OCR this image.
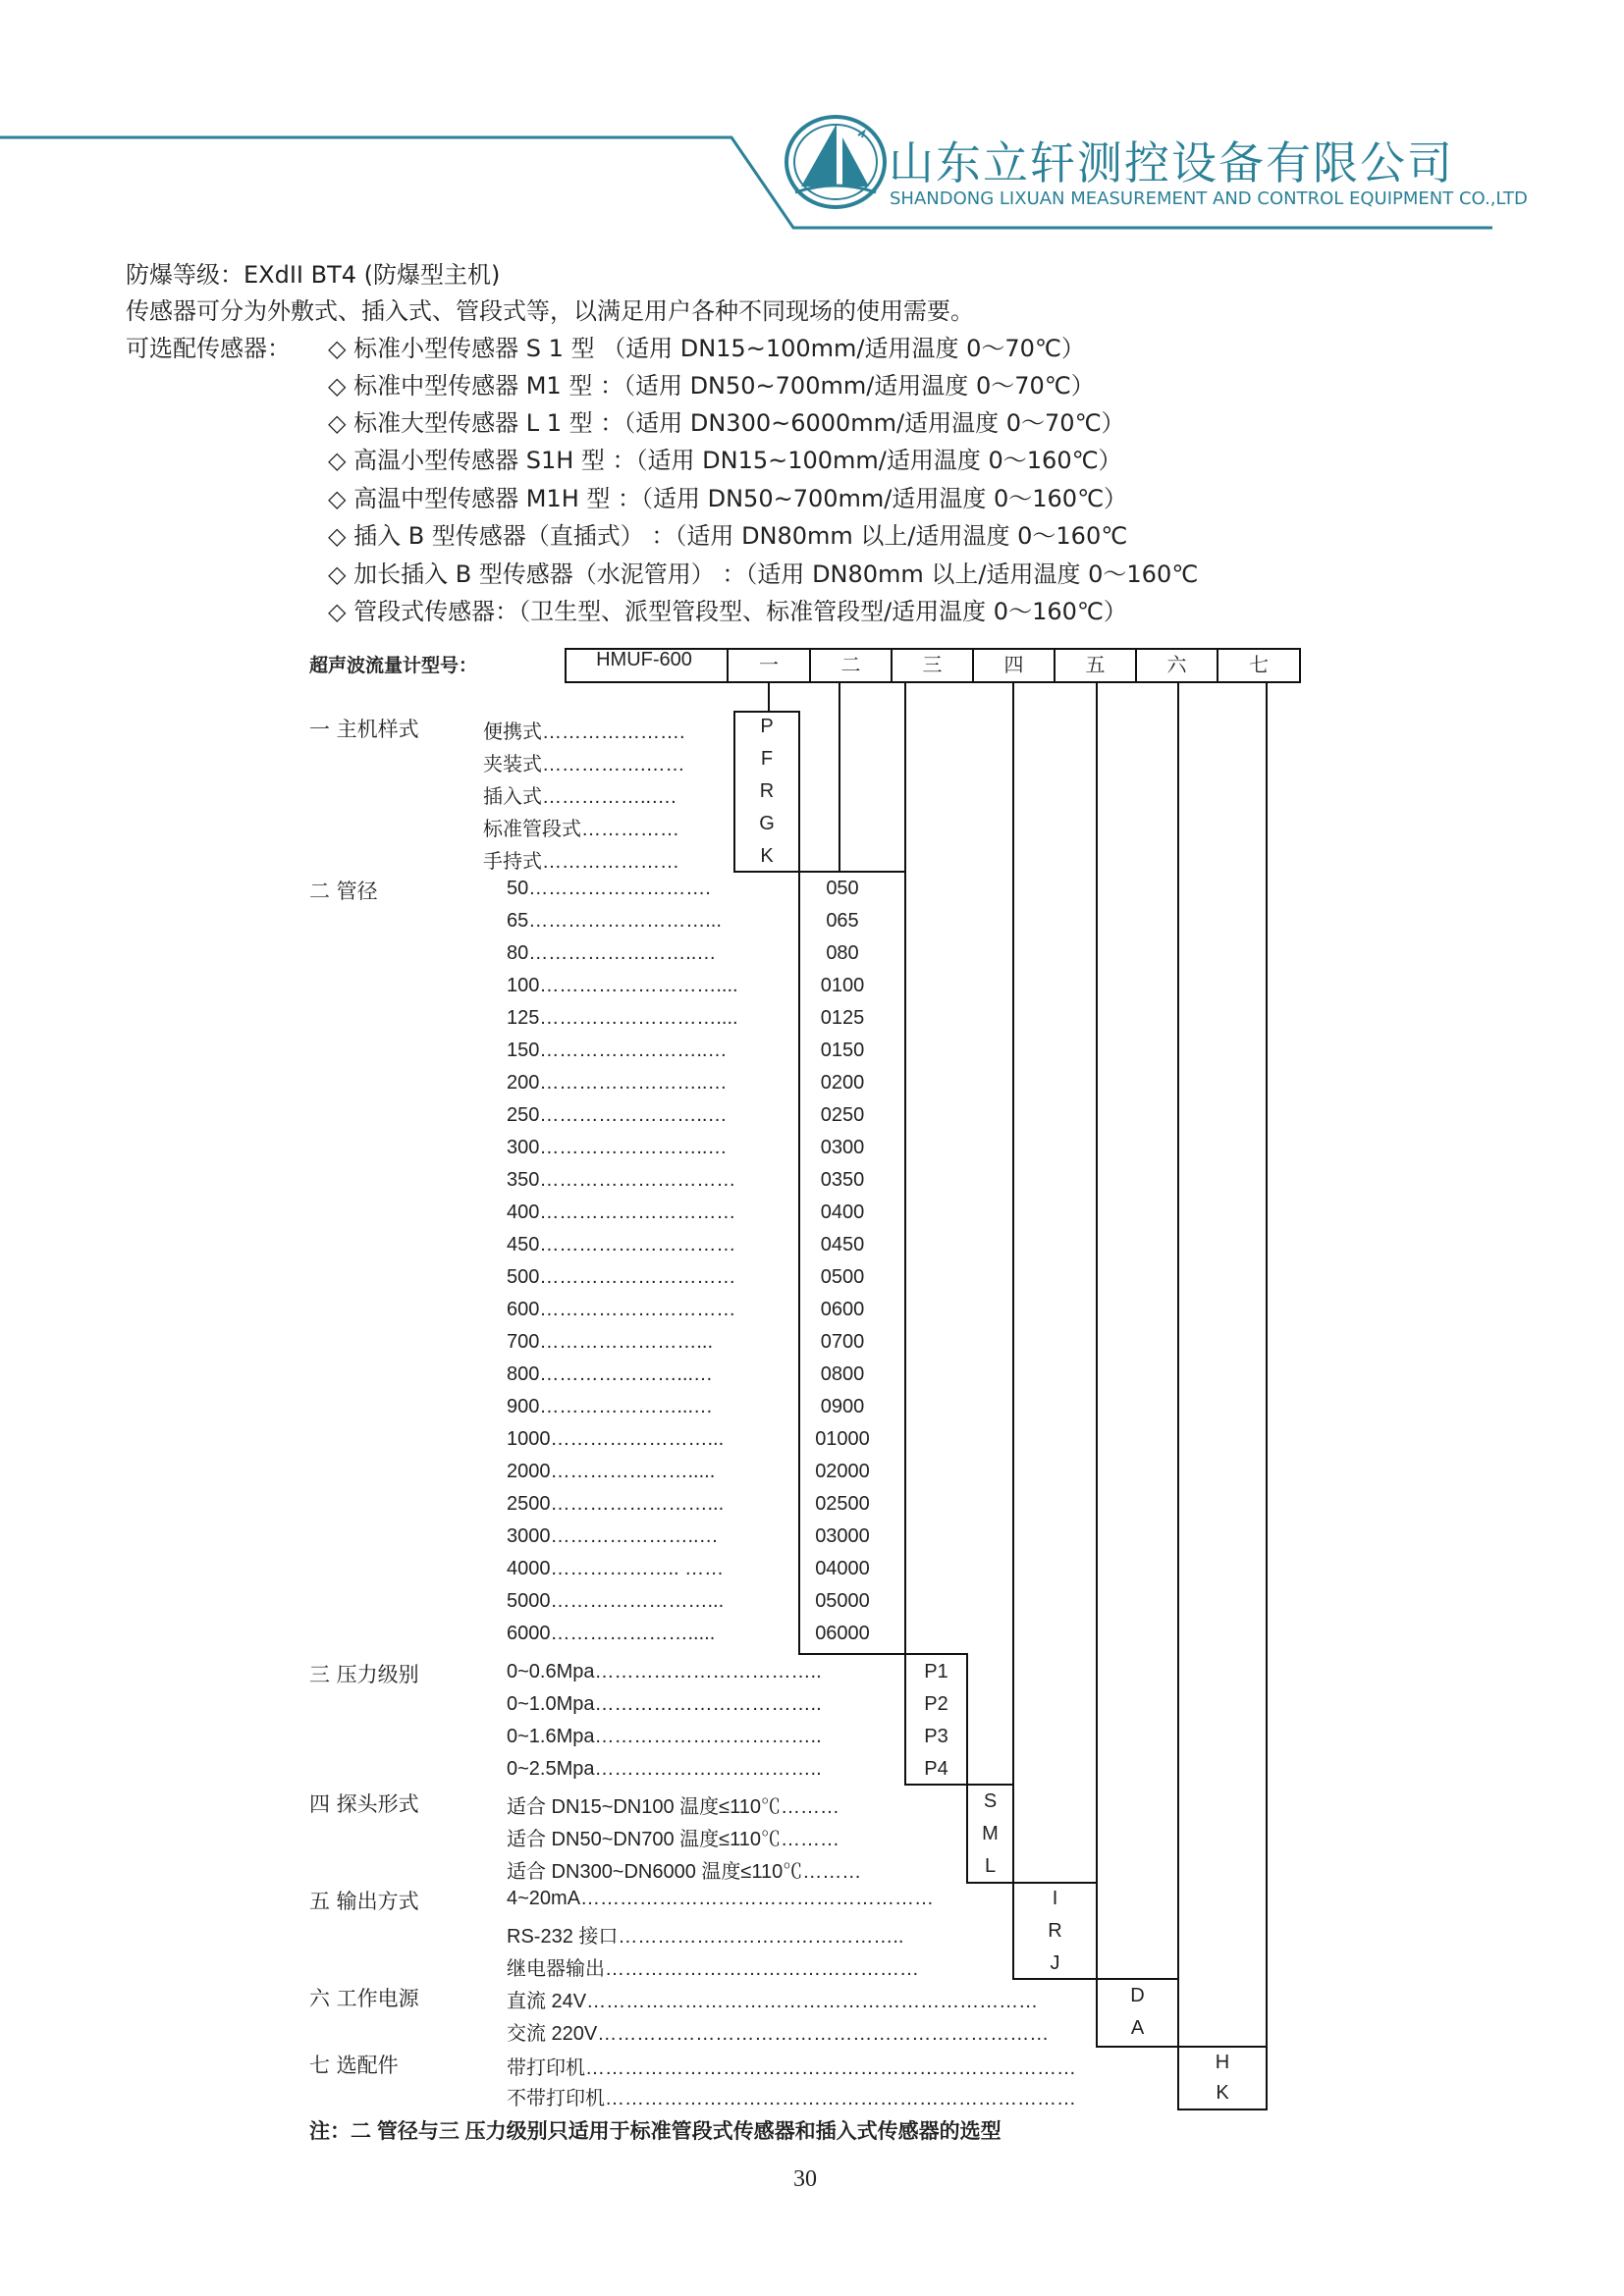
山东立轩测控设备有限公司
SHANDONG LIXUAN MEASUREMENT AND CONTROL EQUIPMENT CO.,LTD
防爆等级：EXdII BT4 (防爆型主机)
传感器可分为外敷式、插入式、管段式等，以满足用户各种不同现场的使用需要。
可选配传感器： ◇ 标准小型传感器 S 1 型 （适用 DN15~100mm/适用温度 0～70℃）
◇ 标准中型传感器 M1 型 ：（适用 DN50~700mm/适用温度 0～70℃）
◇ 标准大型传感器 L 1 型 ：（适用 DN300~6000mm/适用温度 0～70℃）
◇ 高温小型传感器 S1H 型 ：（适用 DN15~100mm/适用温度 0～160℃）
◇ 高温中型传感器 M1H 型 ：（适用 DN50~700mm/适用温度 0～160℃）
◇ 插入 B 型传感器（直插式） ：（适用 DN80mm 以上/适用温度 0～160℃
◇ 加长插入 B 型传感器（水泥管用） ：（适用 DN80mm 以上/适用温度 0～160℃
◇ 管段式传感器：（卫生型、派型管段型、标准管段型/适用温度 0～160℃）
超声波流量计型号：	HMUF-600	一	二	三	四	五	六	七
一 主机样式	便携式………………….	P
夹装式…………….……	F
插入式……………..….	R
标准管段式……………	G
手持式…………………	K
二 管径	50……………………….	050
65………………………...	065
80……………………..…	080
100………………………....	0100
125………………………....	0125
150……………………..…	0150
200……………………..…	0200
250……………………..…	0250
300……………………..…	0300
350…………………………	0350
400…………………………	0400
450…………………………	0450
500…………………………	0500
600…………………………	0600
700……………………...	0700
800…………………...…	0800
900…………………...…	0900
1000……………………...	01000
2000………………….....	02000
2500……………………...	02500
3000…………………..…	03000
4000……………….. ……	04000
5000……………………...	05000
6000………………….....	06000
三 压力级别	0~0.6Mpa……………………………..	P1
0~1.0Mpa……………………………..	P2
0~1.6Mpa……………………………..	P3
0~2.5Mpa……………………………..	P4
四 探头形式	适合 DN15~DN100 温度≤110℃………	S
适合 DN50~DN700 温度≤110℃………	M
适合 DN300~DN6000 温度≤110℃………	L
五 输出方式	4~20mA………………………………………………	I
RS-232 接口……………………………………..	R
继电器输出…………………………………………	J
六 工作电源	直流 24V……………………………………………………………	D
交流 220V……………………………………………………………	A
七 选配件	带打印机…………………………………………………………………	H
不带打印机………………………………………………………………	K
注：二 管径与三 压力级别只适用于标准管段式传感器和插入式传感器的选型
30
